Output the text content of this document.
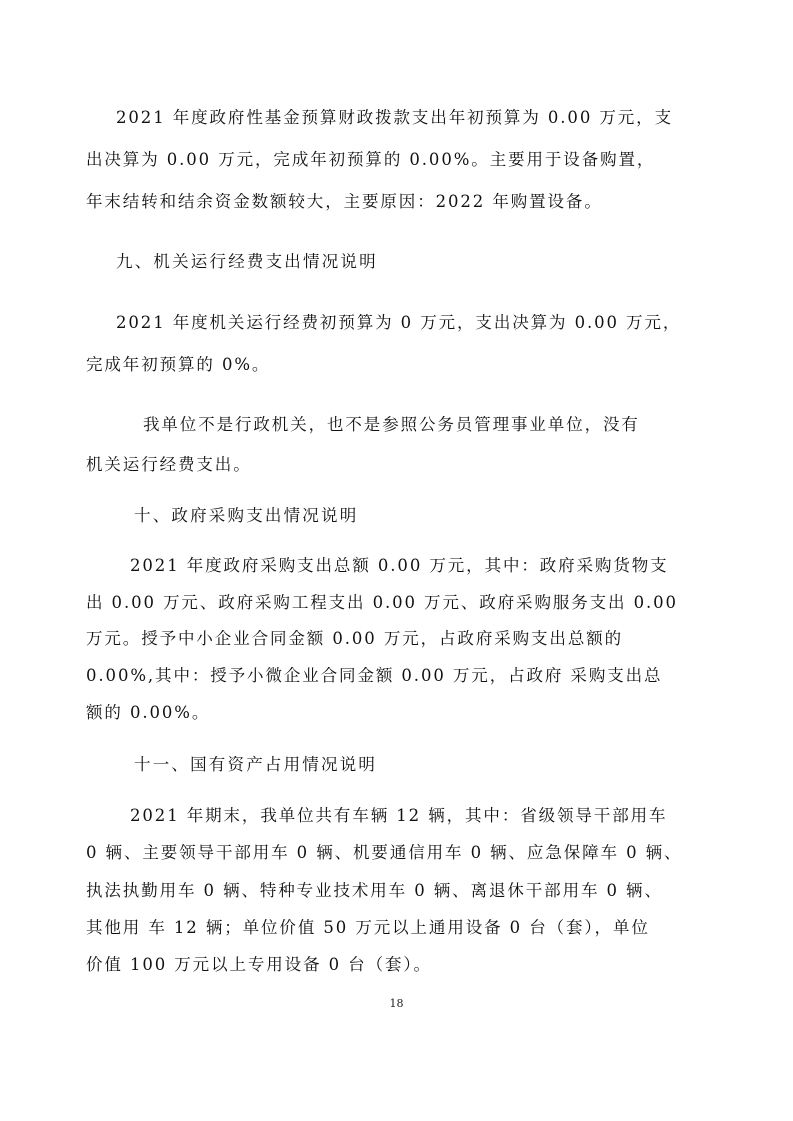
2021 年度政府性基金预算财政拨款支出年初预算为 0.00 万元，支

出决算为 0.00 万元，完成年初预算的 0.00%。主要用于设备购置，

年末结转和结余资金数额较大，主要原因：2022 年购置设备。

九、机关运行经费支出情况说明

2021 年度机关运行经费初预算为 0 万元，支出决算为 0.00 万元，

完成年初预算的 0%。

我单位不是行政机关，也不是参照公务员管理事业单位，没有

机关运行经费支出。

十、政府采购支出情况说明

2021 年度政府采购支出总额 0.00 万元，其中：政府采购货物支

出 0.00 万元、政府采购工程支出 0.00 万元、政府采购服务支出 0.00

万元。授予中小企业合同金额 0.00 万元，占政府采购支出总额的

0.00%,其中：授予小微企业合同金额 0.00 万元，占政府 采购支出总

额的 0.00%。

十一、国有资产占用情况说明

2021 年期末，我单位共有车辆 12 辆，其中：省级领导干部用车

0 辆、主要领导干部用车 0 辆、机要通信用车 0 辆、应急保障车 0 辆、

执法执勤用车 0 辆、特种专业技术用车 0 辆、离退休干部用车 0 辆、

其他用 车 12 辆；单位价值 50 万元以上通用设备 0 台（套），单位

价值 100 万元以上专用设备 0 台（套）。

18
